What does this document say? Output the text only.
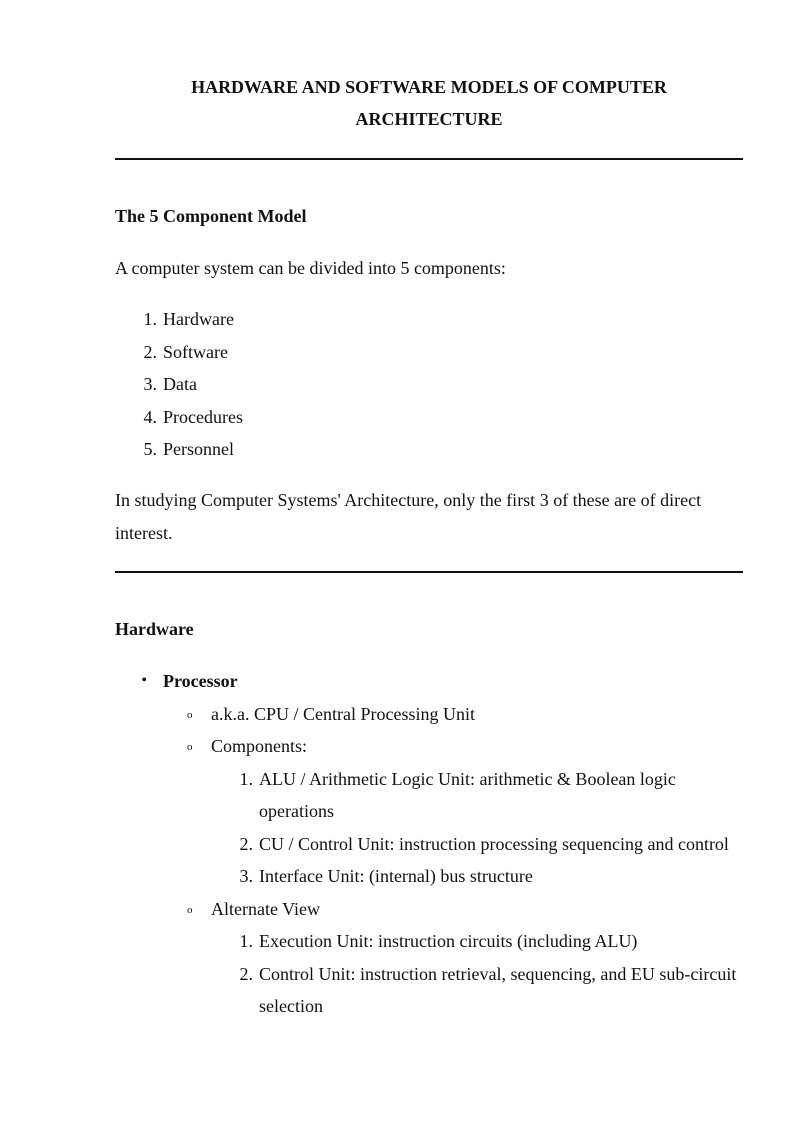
HARDWARE AND SOFTWARE MODELS OF COMPUTER
ARCHITECTURE
The 5 Component Model

A computer system can be divided into 5 components:

1. Hardware
2. Software
3. Data
4. Procedures
5. Personnel

In studying Computer Systems' Architecture, only the first 3 of these are of direct interest.

Hardware
• Processor
o	a.k.a. CPU / Central Processing Unit
o	Components:
1. ALU / Arithmetic Logic Unit: arithmetic & Boolean logic operations
2. CU / Control Unit: instruction processing sequencing and control
3. Interface Unit: (internal) bus structure
o	Alternate View
1. Execution Unit: instruction circuits (including ALU)
2. Control Unit: instruction retrieval, sequencing, and EU sub-circuit selection
